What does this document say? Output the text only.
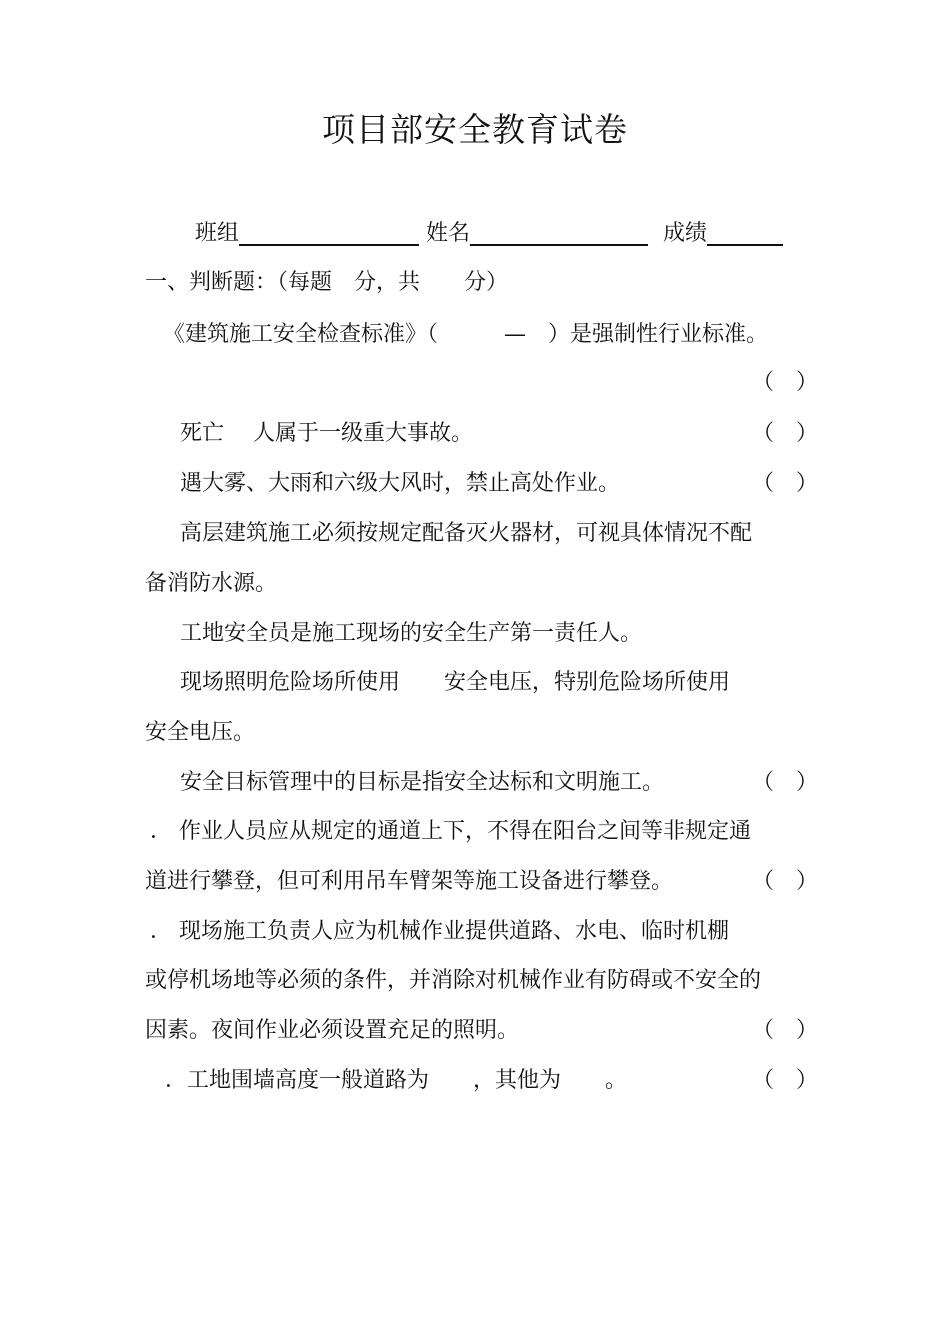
项目部安全教育试卷
班组	姓名	成绩
一、判断题：（每题　分，共　　分）
《建筑施工安全检查标准》（　　　—　）是强制性行业标准。
（　）
死亡　 人属于一级重大事故。	（　）
遇大雾、大雨和六级大风时，禁止高处作业。	（　）
高层建筑施工必须按规定配备灭火器材，可视具体情况不配
备消防水源。
工地安全员是施工现场的安全生产第一责任人。
现场照明危险场所使用　　安全电压，特别危险场所使用
安全电压。
安全目标管理中的目标是指安全达标和文明施工。	（　）
． 作业人员应从规定的通道上下，不得在阳台之间等非规定通
道进行攀登，但可利用吊车臂架等施工设备进行攀登。	（　）
． 现场施工负责人应为机械作业提供道路、水电、临时机棚
或停机场地等必须的条件，并消除对机械作业有防碍或不安全的
因素。夜间作业必须设置充足的照明。	（　）
．工地围墙高度一般道路为　　，其他为　　。	（　）
